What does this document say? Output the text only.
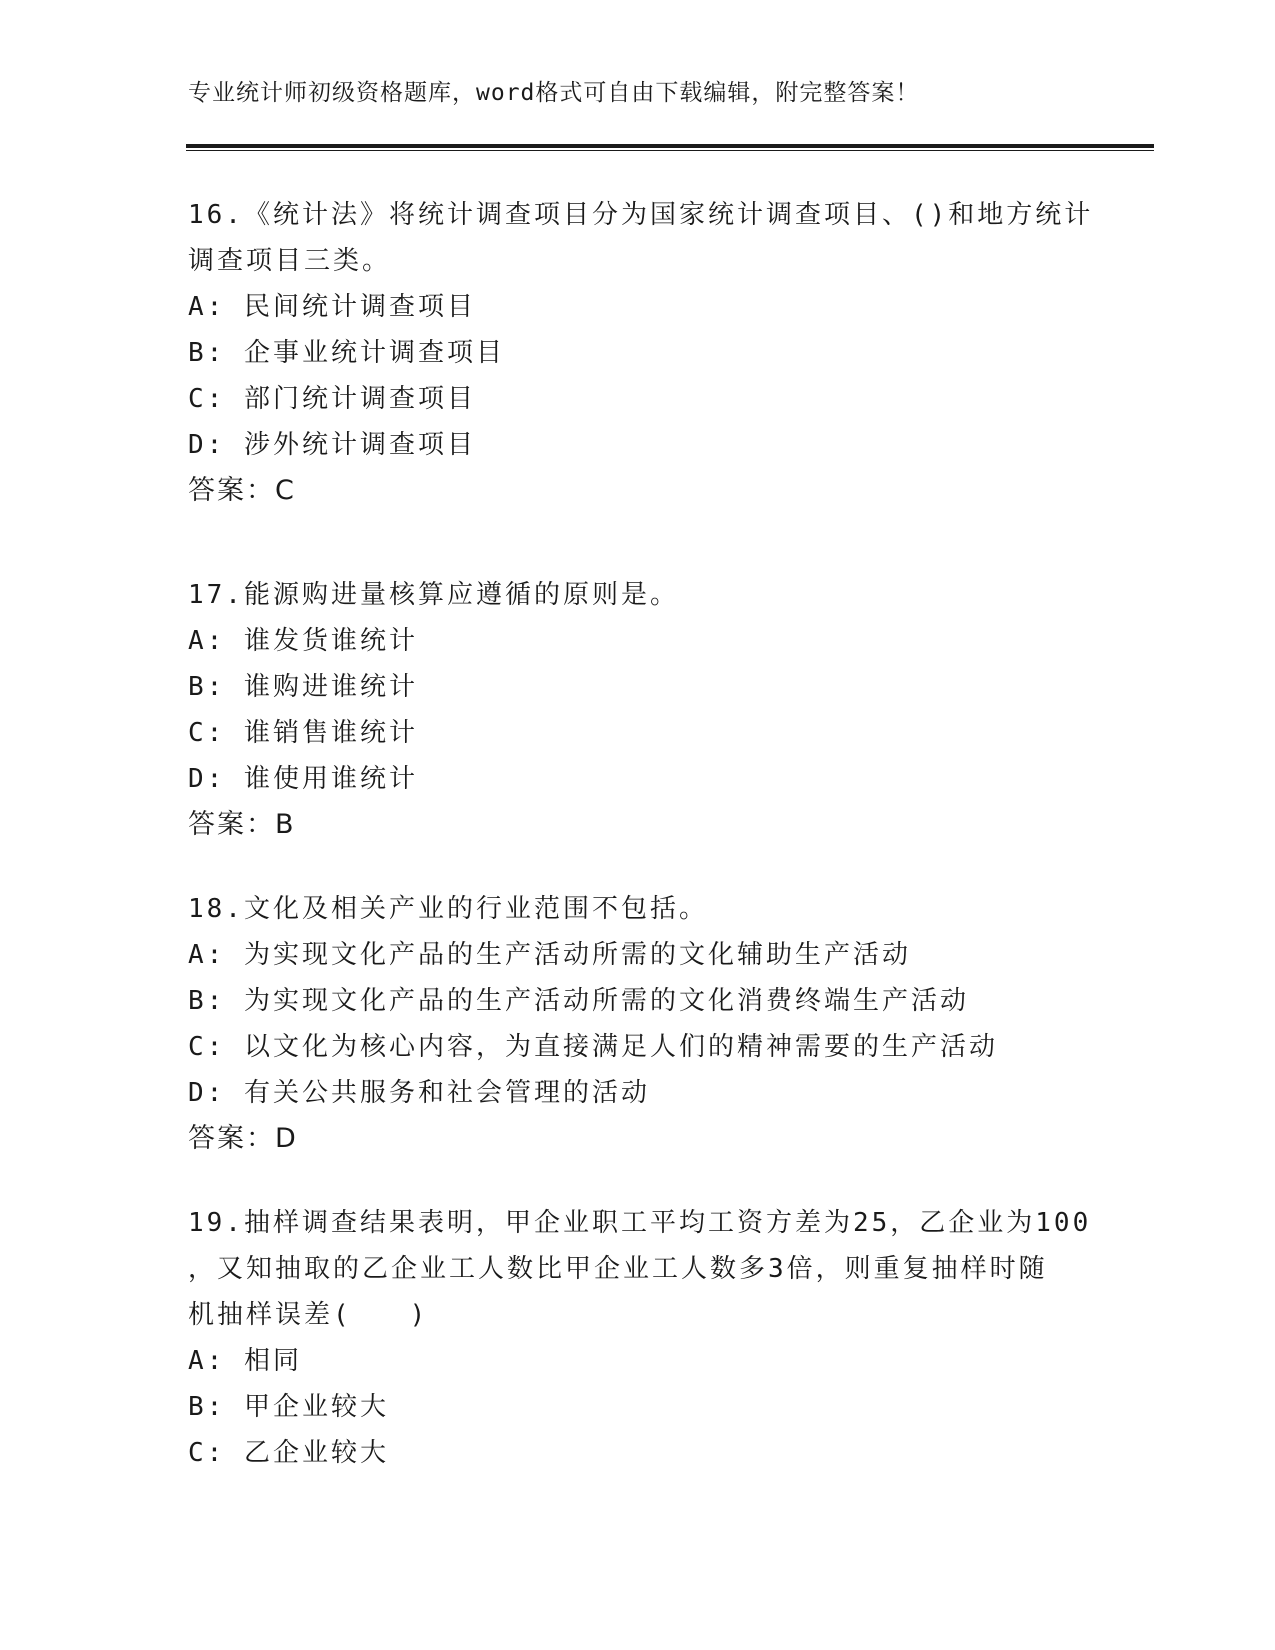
专业统计师初级资格题库，word格式可自由下载编辑，附完整答案！
16.《统计法》将统计调查项目分为国家统计调查项目、()和地方统计
调查项目三类。
A: 民间统计调查项目
B: 企事业统计调查项目
C: 部门统计调查项目
D: 涉外统计调查项目
答案：C
17.能源购进量核算应遵循的原则是。
A: 谁发货谁统计
B: 谁购进谁统计
C: 谁销售谁统计
D: 谁使用谁统计
答案：B
18.文化及相关产业的行业范围不包括。
A: 为实现文化产品的生产活动所需的文化辅助生产活动
B: 为实现文化产品的生产活动所需的文化消费终端生产活动
C: 以文化为核心内容，为直接满足人们的精神需要的生产活动
D: 有关公共服务和社会管理的活动
答案：D
19.抽样调查结果表明，甲企业职工平均工资方差为25，乙企业为100
，又知抽取的乙企业工人数比甲企业工人数多3倍，则重复抽样时随
机抽样误差(　　)
A: 相同
B: 甲企业较大
C: 乙企业较大
